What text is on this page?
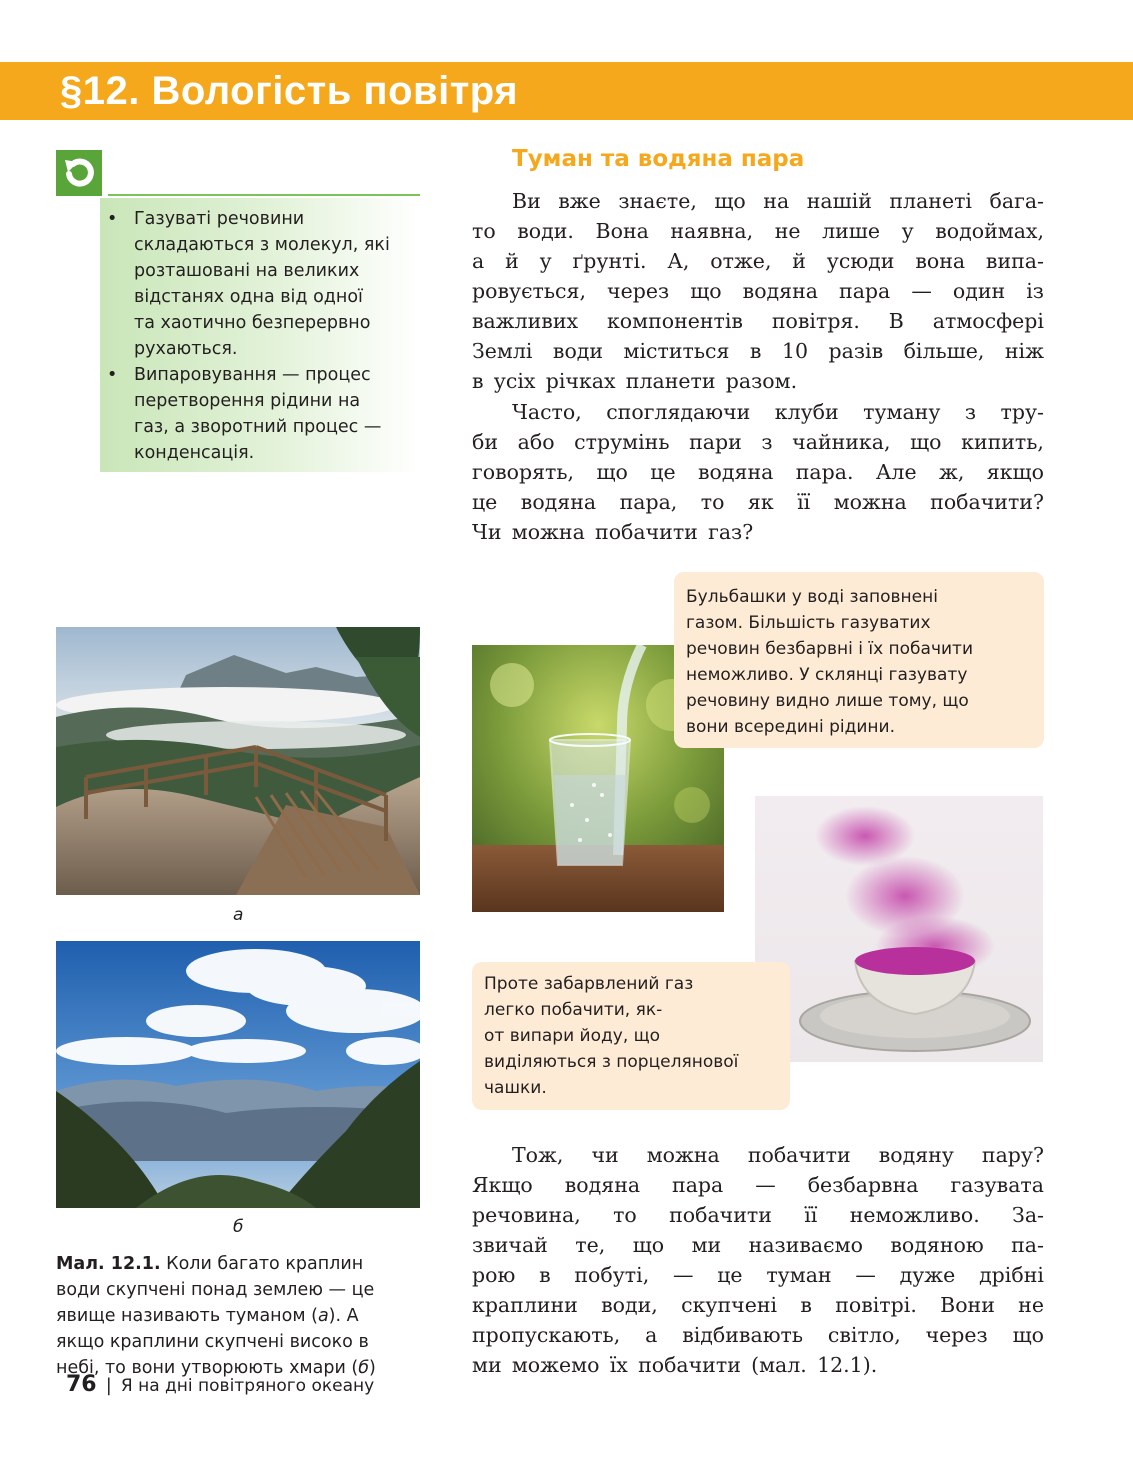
§12. Вологість повітря
• Газуваті речовини
складаються з молекул, які
розташовані на великих
відстанях одна від одної
та хаотично безперервно
рухаються.
• Випаровування — процес
перетворення рідини на
газ, а зворотний процес —
конденсація.
Туман та водяна пара
Ви вже знаєте, що на нашій планеті бага-
то води. Вона наявна, не лише у водоймах,
а й у ґрунті. А, отже, й усюди вона випа-
ровується, через що водяна пара — один із
важливих компонентів повітря. В атмосфері
Землі води міститься в 10 разів більше, ніж
в усіх річках планети разом.
Часто, споглядаючи клуби туману з тру-
би або струмінь пари з чайника, що кипить,
говорять, що це водяна пара. Але ж, якщо
це водяна пара, то як її можна побачити?
Чи можна побачити газ?
а
б
Бульбашки у воді заповнені
газом. Більшість газуватих
речовин безбарвні і їх побачити
неможливо. У склянці газувату
речовину видно лише тому, що
вони всередині рідини.
Проте забарвлений газ
легко побачити, як-
от випари йоду, що
виділяються з порцелянової
чашки.
Мал. 12.1. Коли багато краплин
води скупчені понад землею — це
явище називають туманом (а). А
якщо краплини скупчені високо в
небі, то вони утворюють хмари (б)
Тож, чи можна побачити водяну пару?
Якщо водяна пара — безбарвна газувата
речовина, то побачити її неможливо. За-
звичай те, що ми називаємо водяною па-
рою в побуті, — це туман — дуже дрібні
краплини води, скупчені в повітрі. Вони не
пропускають, а відбивають світло, через що
ми можемо їх побачити (мал. 12.1).
76 | Я на дні повітряного океану
